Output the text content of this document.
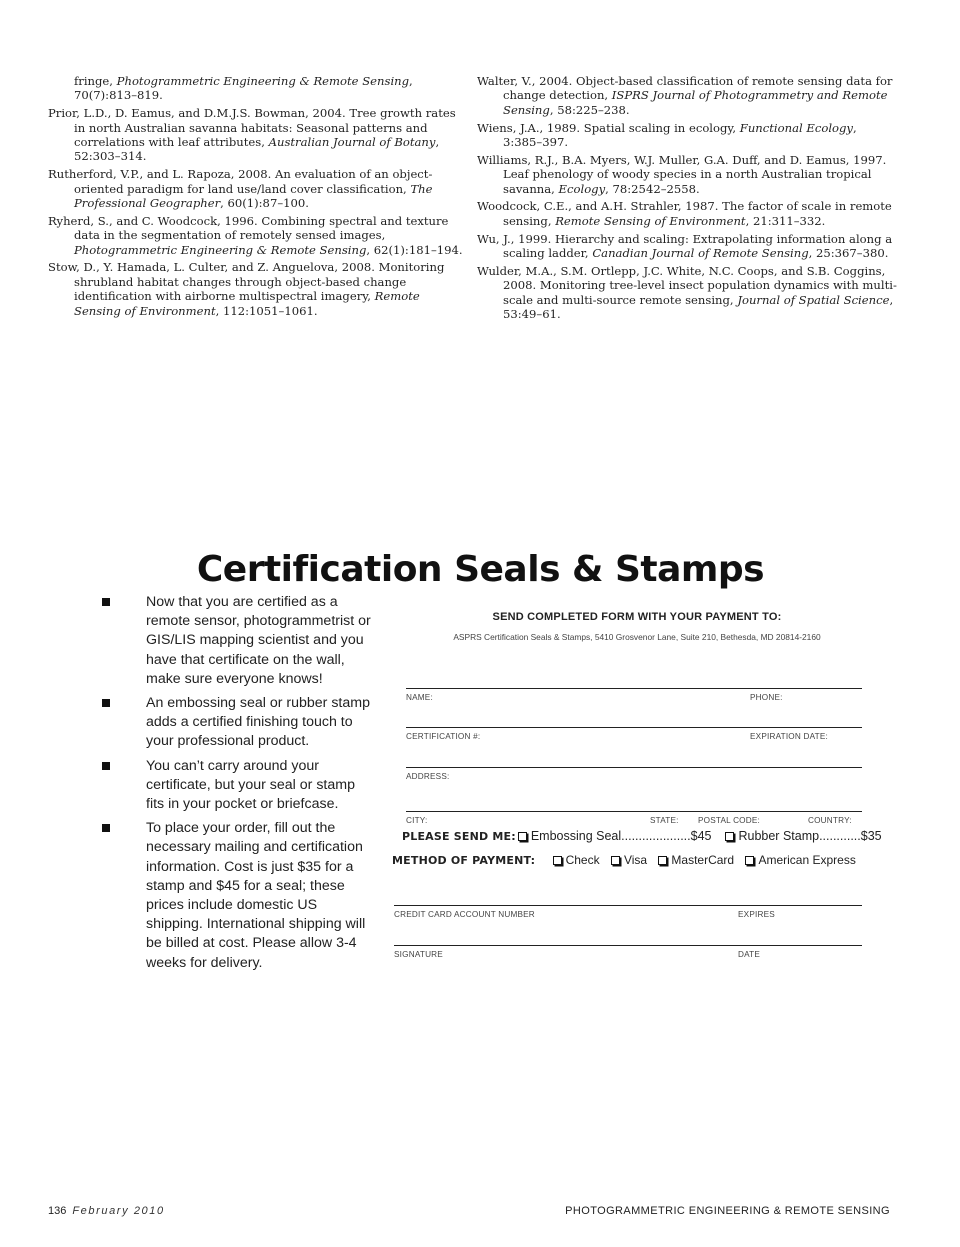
fringe, Photogrammetric Engineering & Remote Sensing, 70(7):813–819.

Prior, L.D., D. Eamus, and D.M.J.S. Bowman, 2004. Tree growth rates in north Australian savanna habitats: Seasonal patterns and correlations with leaf attributes, Australian Journal of Botany, 52:303–314.

Rutherford, V.P., and L. Rapoza, 2008. An evaluation of an object-oriented paradigm for land use/land cover classification, The Professional Geographer, 60(1):87–100.

Ryherd, S., and C. Woodcock, 1996. Combining spectral and texture data in the segmentation of remotely sensed images, Photogrammetric Engineering & Remote Sensing, 62(1):181–194.

Stow, D., Y. Hamada, L. Culter, and Z. Anguelova, 2008. Monitoring shrubland habitat changes through object-based change identification with airborne multispectral imagery, Remote Sensing of Environment, 112:1051–1061.

Walter, V., 2004. Object-based classification of remote sensing data for change detection, ISPRS Journal of Photogrammetry and Remote Sensing, 58:225–238.

Wiens, J.A., 1989. Spatial scaling in ecology, Functional Ecology, 3:385–397.

Williams, R.J., B.A. Myers, W.J. Muller, G.A. Duff, and D. Eamus, 1997. Leaf phenology of woody species in a north Australian tropical savanna, Ecology, 78:2542–2558.

Woodcock, C.E., and A.H. Strahler, 1987. The factor of scale in remote sensing, Remote Sensing of Environment, 21:311–332.

Wu, J., 1999. Hierarchy and scaling: Extrapolating information along a scaling ladder, Canadian Journal of Remote Sensing, 25:367–380.

Wulder, M.A., S.M. Ortlepp, J.C. White, N.C. Coops, and S.B. Coggins, 2008. Monitoring tree-level insect population dynamics with multi-scale and multi-source remote sensing, Journal of Spatial Science, 53:49–61.

Certification Seals & Stamps
Now that you are certified as a remote sensor, photogrammetrist or GIS/LIS mapping scientist and you have that certificate on the wall, make sure everyone knows!
An embossing seal or rubber stamp adds a certified finishing touch to your professional product.
You can’t carry around your certificate, but your seal or stamp fits in your pocket or briefcase.
To place your order, fill out the necessary mailing and certification information. Cost is just $35 for a stamp and $45 for a seal; these prices include domestic US shipping. International shipping will be billed at cost. Please allow 3-4 weeks for delivery.
SEND COMPLETED FORM WITH YOUR PAYMENT TO:
ASPRS Certification Seals & Stamps, 5410 Grosvenor Lane, Suite 210, Bethesda, MD 20814-2160
NAME:	PHONE:
CERTIFICATION #:	EXPIRATION DATE:
ADDRESS:
CITY:	STATE: POSTAL CODE:	COUNTRY:
PLEASE SEND ME: Embossing Seal....................$45 Rubber Stamp............$35
METHOD OF PAYMENT:	Check Visa MasterCard American Express
CREDIT CARD ACCOUNT NUMBER	EXPIRES
SIGNATURE	DATE
136 February 2010	PHOTOGRAMMETRIC ENGINEERING & REMOTE SENSING
